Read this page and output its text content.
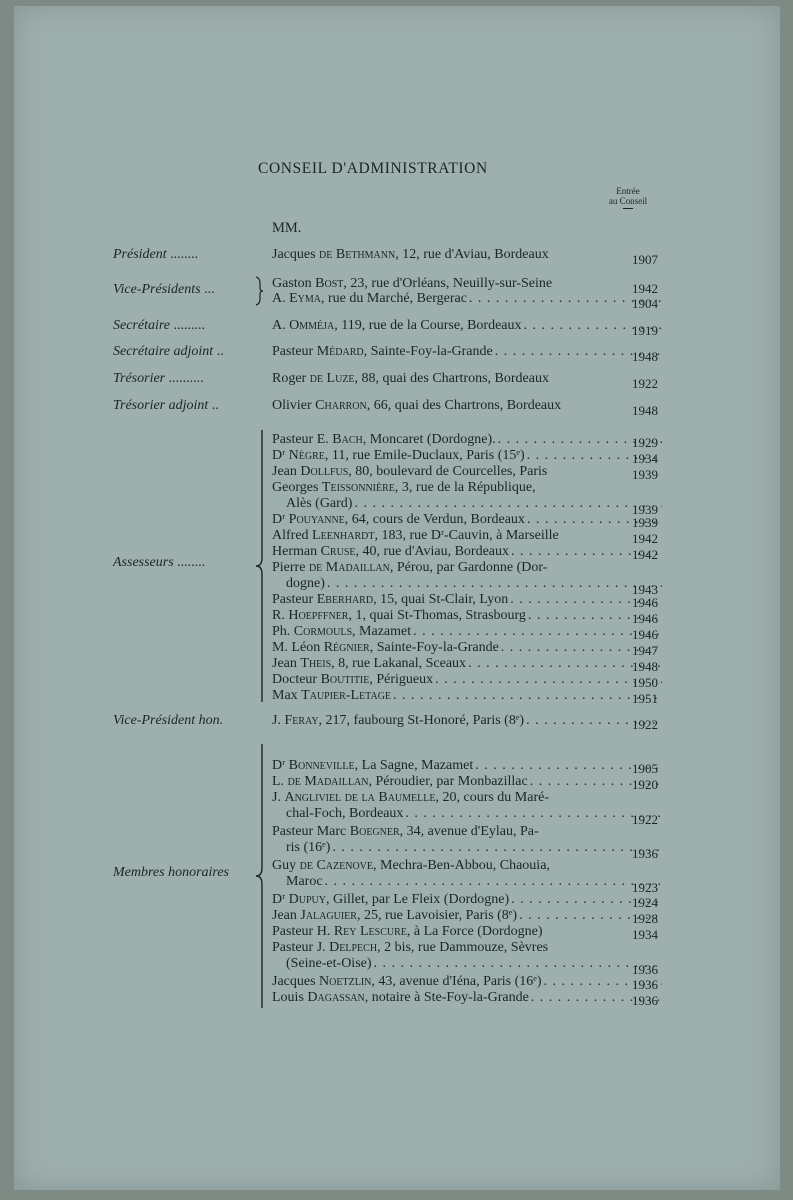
CONSEIL D'ADMINISTRATION
Entrée
au Conseil
MM.
Président ........	Jacques de Bethmann, 12, rue d'Aviau, Bordeaux	1907
Vice-Présidents ...	Gaston Bost, 23, rue d'Orléans, Neuilly-sur-Seine	1942
A. Eyma, rue du Marché, Bergerac . . .	1904
Secrétaire .........	A. Omméja, 119, rue de la Course, Bordeaux . . .	1919
Secrétaire adjoint ..	Pasteur Médard, Sainte-Foy-la-Grande . . .	1948
Trésorier ..........	Roger de Luze, 88, quai des Chartrons, Bordeaux	1922
Trésorier adjoint ..	Olivier Charron, 66, quai des Chartrons, Bordeaux	1948
Assesseurs ........
Pasteur E. Bach, Moncaret (Dordogne). . . .	1929
Dʳ Nègre, 11, rue Emile-Duclaux, Paris (15ᵉ) . . .	1934
Jean Dollfus, 80, boulevard de Courcelles, Paris	1939
Georges Teissonnière, 3, rue de la République,
Alès (Gard) . . .	1939
Dʳ Pouyanne, 64, cours de Verdun, Bordeaux . . .	1939
Alfred Leenhardt, 183, rue Dʳ-Cauvin, à Marseille	1942
Herman Cruse, 40, rue d'Aviau, Bordeaux . . .	1942
Pierre de Madaillan, Pérou, par Gardonne (Dor-
dogne) . . .	1943
Pasteur Eberhard, 15, quai St-Clair, Lyon . . .	1946
R. Hoepffner, 1, quai St-Thomas, Strasbourg . . .	1946
Ph. Cormouls, Mazamet . . .	1946
M. Léon Régnier, Sainte-Foy-la-Grande . . .	1947
Jean Theis, 8, rue Lakanal, Sceaux . . .	1948
Docteur Boutitie, Périgueux . . .	1950
Max Taupier-Letage . . .	1951
Vice-Président hon.	J. Feray, 217, faubourg St-Honoré, Paris (8ᵉ) . . .	1922
Membres honoraires
Dʳ Bonneville, La Sagne, Mazamet . . .	1905
L. de Madaillan, Péroudier, par Monbazillac . . .	1920
J. Angliviel de la Baumelle, 20, cours du Maré-
chal-Foch, Bordeaux . . .	1922
Pasteur Marc Boegner, 34, avenue d'Eylau, Pa-
ris (16ᵉ) . . .	1936
Guy de Cazenove, Mechra-Ben-Abbou, Chaouia,
Maroc . . .	1923
Dʳ Dupuy, Gillet, par Le Fleix (Dordogne) . . .	1924
Jean Jalaguier, 25, rue Lavoisier, Paris (8ᵉ) . . .	1928
Pasteur H. Rey Lescure, à La Force (Dordogne)	1934
Pasteur J. Delpech, 2 bis, rue Dammouze, Sèvres
(Seine-et-Oise) . . .	1936
Jacques Noetzlin, 43, avenue d'Iéna, Paris (16ᵉ) . . .	1936
Louis Dagassan, notaire à Ste-Foy-la-Grande . . .	1936
